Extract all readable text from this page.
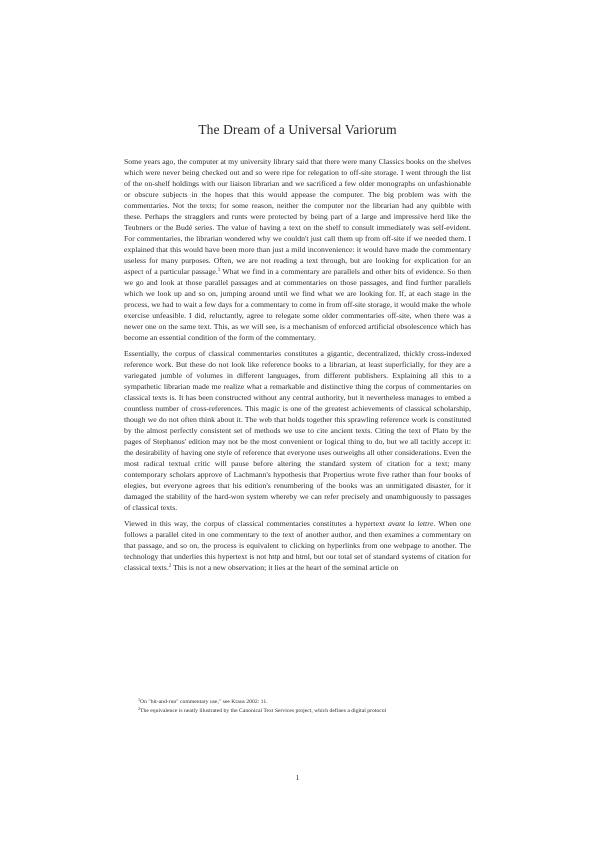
The Dream of a Universal Variorum

Some years ago, the computer at my university library said that there were many Classics books on the shelves which were never being checked out and so were ripe for relegation to off-site storage. I went through the list of the on-shelf holdings with our liaison librarian and we sacrificed a few older monographs on unfashionable or obscure subjects in the hopes that this would appease the computer. The big problem was with the commentaries. Not the texts; for some reason, neither the computer nor the librarian had any quibble with these. Perhaps the stragglers and runts were protected by being part of a large and impressive herd like the Teubners or the Budé series. The value of having a text on the shelf to consult immediately was self-evident. For commentaries, the librarian wondered why we couldn't just call them up from off-site if we needed them. I explained that this would have been more than just a mild inconvenience: it would have made the commentary useless for many purposes. Often, we are not reading a text through, but are looking for explication for an aspect of a particular passage.$^1$ What we find in a commentary are parallels and other bits of evidence. So then we go and look at those parallel passages and at commentaries on those passages, and find further parallels which we look up and so on, jumping around until we find what we are looking for. If, at each stage in the process, we had to wait a few days for a commentary to come in from off-site storage, it would make the whole exercise unfeasible. I did, reluctantly, agree to relegate some older commentaries off-site, when there was a newer one on the same text. This, as we will see, is a mechanism of enforced artificial obsolescence which has become an essential condition of the form of the commentary.

Essentially, the corpus of classical commentaries constitutes a gigantic, decentralized, thickly cross-indexed reference work. But these do not look like reference books to a librarian, at least superficially, for they are a variegated jumble of volumes in different languages, from different publishers. Explaining all this to a sympathetic librarian made me realize what a remarkable and distinctive thing the corpus of commentaries on classical texts is. It has been constructed without any central authority, but it nevertheless manages to embed a countless number of cross-references. This magic is one of the greatest achievements of classical scholarship, though we do not often think about it. The web that holds together this sprawling reference work is constituted by the almost perfectly consistent set of methods we use to cite ancient texts. Citing the text of Plato by the pages of Stephanus' edition may not be the most convenient or logical thing to do, but we all tacitly accept it: the desirability of having one style of reference that everyone uses outweighs all other considerations. Even the most radical textual critic will pause before altering the standard system of citation for a text; many contemporary scholars approve of Lachmann's hypothesis that Propertius wrote five rather than four books of elegies, but everyone agrees that his edition's renumbering of the books was an unmitigated disaster, for it damaged the stability of the hard-won system whereby we can refer precisely and unambiguously to passages of classical texts.

Viewed in this way, the corpus of classical commentaries constitutes a hypertext avant la lettre. When one follows a parallel cited in one commentary to the text of another author, and then examines a commentary on that passage, and so on, the process is equivalent to clicking on hyperlinks from one webpage to another. The technology that underlies this hypertext is not http and html, but our total set of standard systems of citation for classical texts.$^2$ This is not a new observation; it lies at the heart of the seminal article on

$^1$On "hit-and-run" commentary use," see Kraus 2002: 11.
$^2$The equivalence is neatly illustrated by the Canonical Text Services project, which defines a digital protocol
1
